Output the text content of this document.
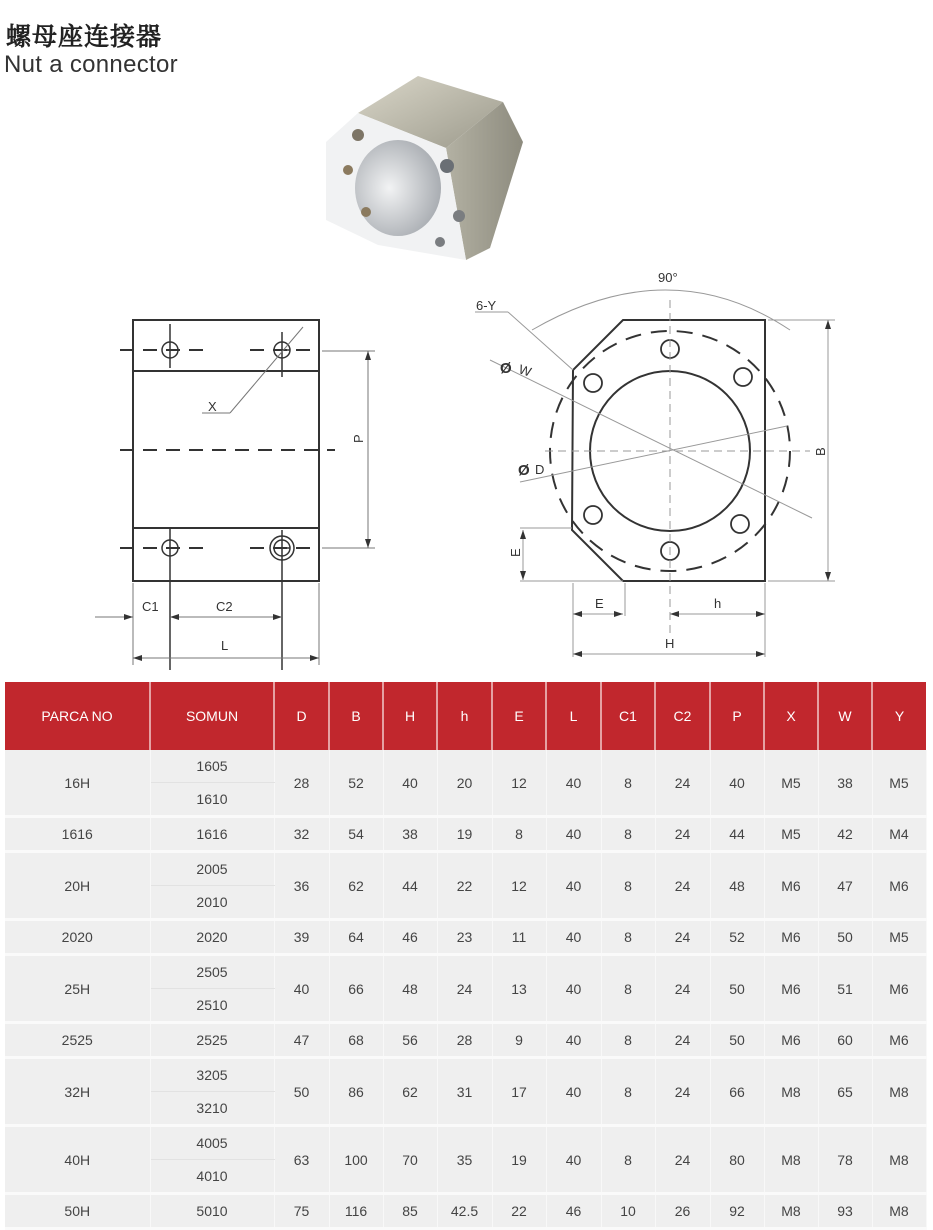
螺母座连接器
Nut a connector
X
P
C1	C2
L
90°
6-Y
Ø W
Ø D
B
E
E	h
H
PARCA NO	SOMUN	D	B	H	h	E	L	C1	C2	P	X	W	Y
16H	1605	28	52	40	20	12	40	8	24	40	M5	38	M5
	1610												
1616	1616	32	54	38	19	8	40	8	24	44	M5	42	M4
20H	2005	36	62	44	22	12	40	8	24	48	M6	47	M6
	2010												
2020	2020	39	64	46	23	11	40	8	24	52	M6	50	M5
25H	2505	40	66	48	24	13	40	8	24	50	M6	51	M6
	2510												
2525	2525	47	68	56	28	9	40	8	24	50	M6	60	M6
32H	3205	50	86	62	31	17	40	8	24	66	M8	65	M8
	3210												
40H	4005	63	100	70	35	19	40	8	24	80	M8	78	M8
	4010												
50H	5010	75	116	85	42.5	22	46	10	26	92	M8	93	M8
